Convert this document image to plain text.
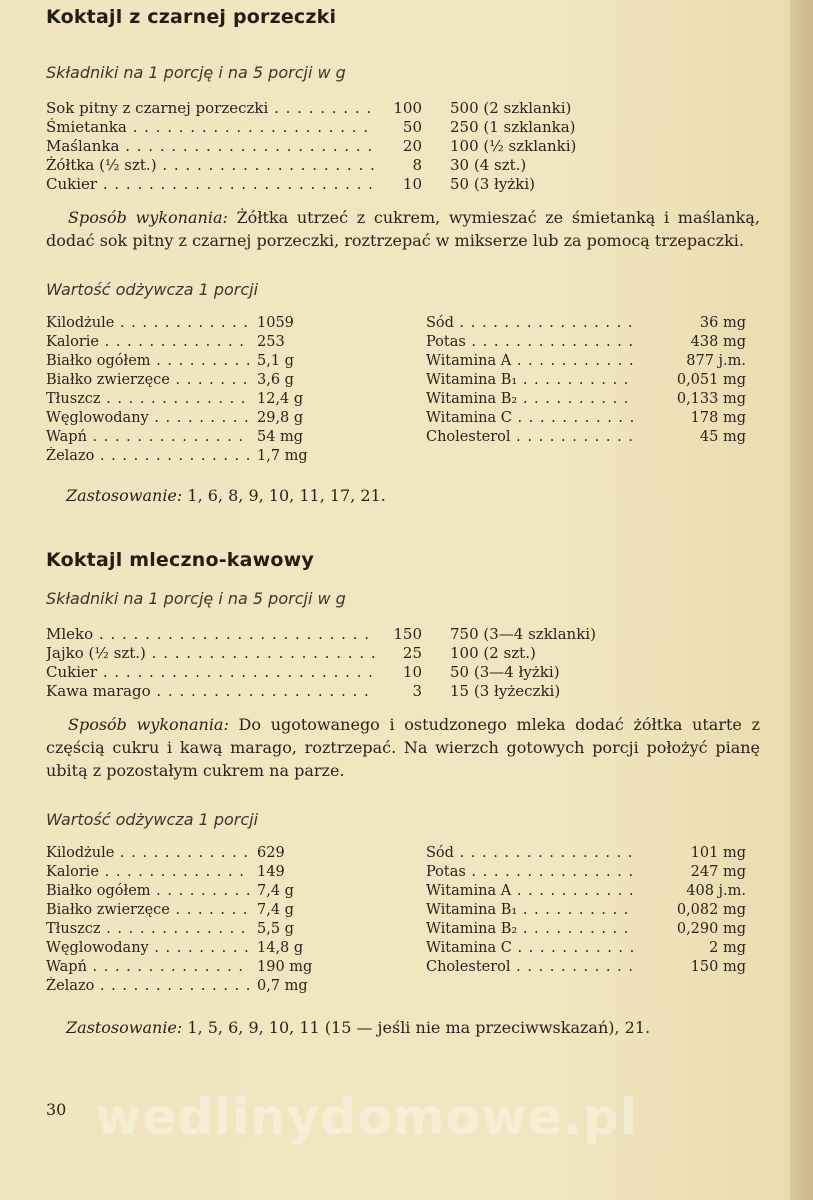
Koktajl z czarnej porzeczki

Składniki na 1 porcję i na 5 porcji w g

Sok pitny z czarnej porzeczki . . .	100	500 (2 szklanki)
Śmietanka . . .	50	250 (1 szklanka)
Maślanka . . .	20	100 (½ szklanki)
Żółtka (½ szt.) . . .	8	30 (4 szt.)
Cukier . . .	10	50 (3 łyżki)

Sposób wykonania: Żółtka utrzeć z cukrem, wymieszać ze śmietanką i maślanką, dodać sok pitny z czarnej porzeczki, roztrzepać w mikserze lub za pomocą trzepaczki.

Wartość odżywcza 1 porcji

Kilodżule . . .	1059
Kalorie . . .	253
Białko ogółem . . .	5,1 g
Białko zwierzęce . . .	3,6 g
Tłuszcz . . .	12,4 g
Węglowodany . . .	29,8 g
Wapń . . .	54 mg
Żelazo . . .	1,7 mg
Sód . . .	36 mg
Potas . . .	438 mg
Witamina A . . .	877 j.m.
Witamina B₁ . . .	0,051 mg
Witamina B₂ . . .	0,133 mg
Witamina C . . .	178 mg
Cholesterol . . .	45 mg

Zastosowanie: 1, 6, 8, 9, 10, 11, 17, 21.

Koktajl mleczno-kawowy

Składniki na 1 porcję i na 5 porcji w g

Mleko . . .	150	750 (3—4 szklanki)
Jajko (½ szt.) . . .	25	100 (2 szt.)
Cukier . . .	10	50 (3—4 łyżki)
Kawa marago . . .	3	15 (3 łyżeczki)

Sposób wykonania: Do ugotowanego i ostudzonego mleka dodać żółtka utarte z częścią cukru i kawą marago, roztrzepać. Na wierzch gotowych porcji położyć pianę ubitą z pozostałym cukrem na parze.

Wartość odżywcza 1 porcji

Kilodżule . . .	629
Kalorie . . .	149
Białko ogółem . . .	7,4 g
Białko zwierzęce . . .	7,4 g
Tłuszcz . . .	5,5 g
Węglowodany . . .	14,8 g
Wapń . . .	190 mg
Żelazo . . .	0,7 mg
Sód . . .	101 mg
Potas . . .	247 mg
Witamina A . . .	408 j.m.
Witamina B₁ . . .	0,082 mg
Witamina B₂ . . .	0,290 mg
Witamina C . . .	2 mg
Cholesterol . . .	150 mg

Zastosowanie: 1, 5, 6, 9, 10, 11 (15 — jeśli nie ma przeciwwskazań), 21.

wedlinydomowe.pl
30
